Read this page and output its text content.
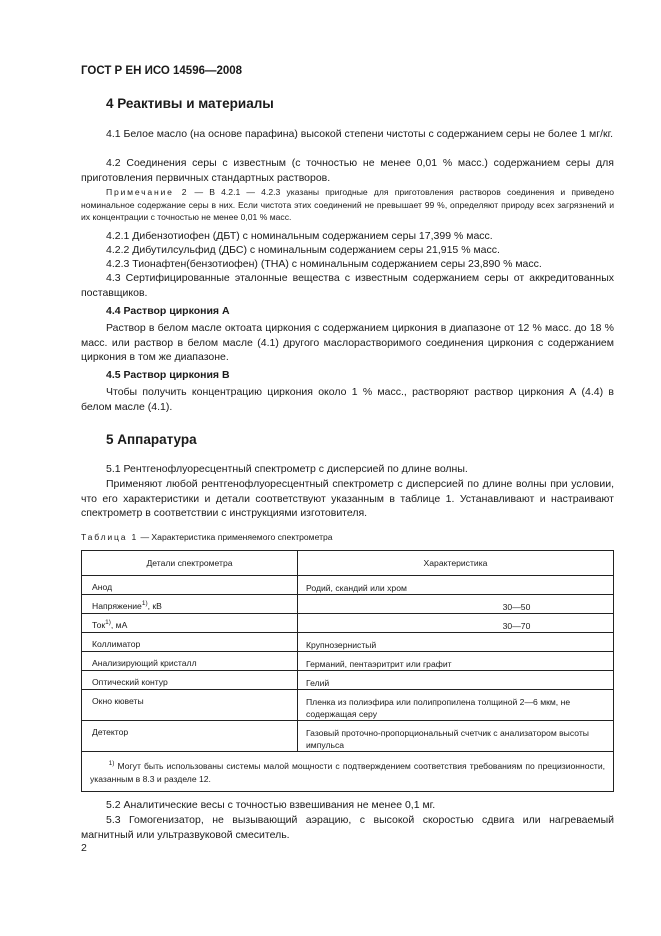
ГОСТ Р ЕН ИСО 14596—2008
4 Реактивы и материалы
4.1 Белое масло (на основе парафина) высокой степени чистоты с содержанием серы не более 1 мг/кг.
4.2 Соединения серы с известным (с точностью не менее 0,01 % масс.) содержанием серы для приготовления первичных стандартных растворов.
Примечание 2 — В 4.2.1 — 4.2.3 указаны пригодные для приготовления растворов соединения и приведено номинальное содержание серы в них. Если чистота этих соединений не превышает 99 %, определяют природу всех загрязнений и их концентрации с точностью не менее 0,01 % масс.
4.2.1 Дибензотиофен (ДБТ) с номинальным содержанием серы 17,399 % масс.
4.2.2 Дибутилсульфид (ДБС) с номинальным содержанием серы 21,915 % масс.
4.2.3 Тионафтен(бензотиофен) (ТНА) с номинальным содержанием серы 23,890 % масс.
4.3 Сертифицированные эталонные вещества с известным содержанием серы от аккредитованных поставщиков.
4.4 Раствор циркония А
Раствор в белом масле октоата циркония с содержанием циркония в диапазоне от 12 % масс. до 18 % масс. или раствор в белом масле (4.1) другого маслорастворимого соединения циркония с содержанием циркония в том же диапазоне.
4.5 Раствор циркония В
Чтобы получить концентрацию циркония около 1 % масс., растворяют раствор циркония А (4.4) в белом масле (4.1).
5 Аппаратура
5.1 Рентгенофлуоресцентный спектрометр с дисперсией по длине волны.
Применяют любой рентгенофлуоресцентный спектрометр с дисперсией по длине волны при условии, что его характеристики и детали соответствуют указанным в таблице 1. Устанавливают и настраивают спектрометр в соответствии с инструкциями изготовителя.
Таблица 1 — Характеристика применяемого спектрометра
Детали спектрометра	Характеристика
Анод	Родий, скандий или хром
Напряжение$^{1)}$, кВ	30—50
Ток$^{1)}$, мА	30—70
Коллиматор	Крупнозернистый
Анализирующий кристалл	Германий, пентаэритрит или графит
Оптический контур	Гелий
Окно кюветы	Пленка из полиэфира или полипропилена толщиной 2—6 мкм, не содержащая серу
Детектор	Газовый проточно-пропорциональный счетчик с анализатором высоты импульса
$^{1)}$ Могут быть использованы системы малой мощности с подтверждением соответствия требованиям по прецизионности, указанным в 8.3 и разделе 12.	
5.2 Аналитические весы с точностью взвешивания не менее 0,1 мг.
5.3 Гомогенизатор, не вызывающий аэрацию, с высокой скоростью сдвига или нагреваемый магнитный или ультразвуковой смеситель.
2
